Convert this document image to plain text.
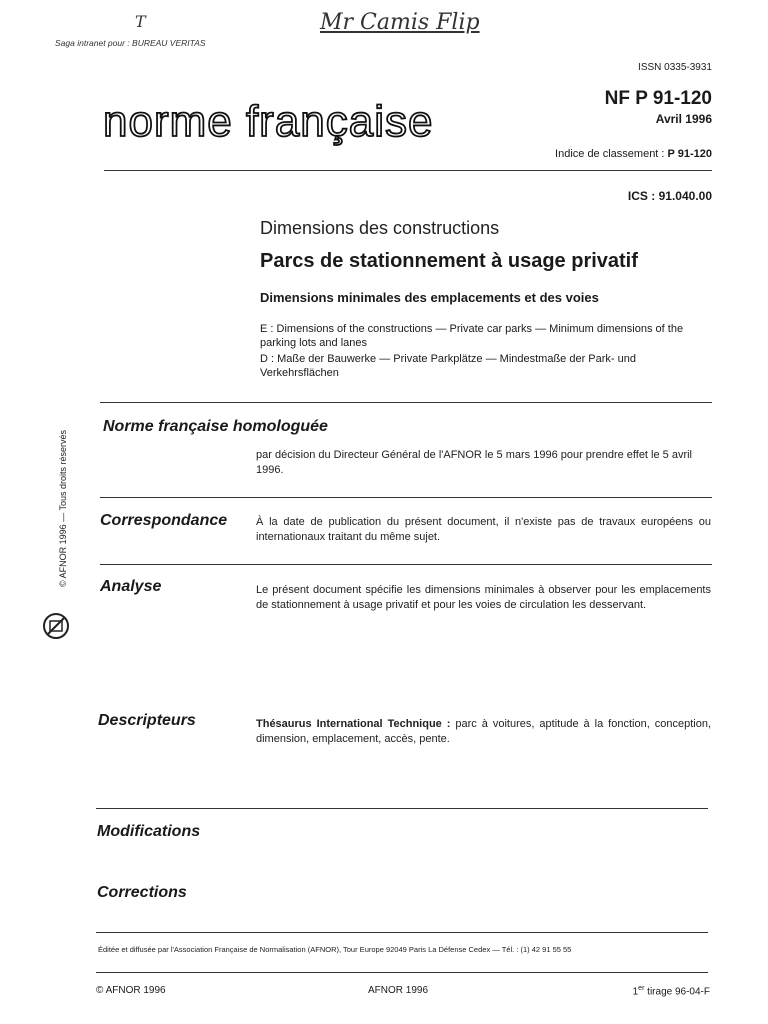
T	Mr Camis Flip
Saga intranet pour : BUREAU VERITAS
ISSN 0335-3931
norme française	NF P 91-120
Avril 1996
Indice de classement : P 91-120
ICS : 91.040.00
Dimensions des constructions
Parcs de stationnement à usage privatif
Dimensions minimales des emplacements et des voies
E : Dimensions of the constructions — Private car parks — Minimum dimensions of the parking lots and lanes
D : Maße der Bauwerke — Private Parkplätze — Mindestmaße der Park- und Verkehrsflächen
Norme française homologuée
par décision du Directeur Général de l'AFNOR le 5 mars 1996 pour prendre effet le 5 avril 1996.
Correspondance	À la date de publication du présent document, il n'existe pas de travaux européens ou internationaux traitant du même sujet.
Analyse	Le présent document spécifie les dimensions minimales à observer pour les emplacements de stationnement à usage privatif et pour les voies de circulation les desservant.
Descripteurs	Thésaurus International Technique : parc à voitures, aptitude à la fonction, conception, dimension, emplacement, accès, pente.
Modifications
Corrections
© AFNOR 1996 — Tous droits réservés
Éditée et diffusée par l'Association Française de Normalisation (AFNOR), Tour Europe 92049 Paris La Défense Cedex — Tél. : (1) 42 91 55 55
© AFNOR 1996	AFNOR 1996	1er tirage 96-04-F
